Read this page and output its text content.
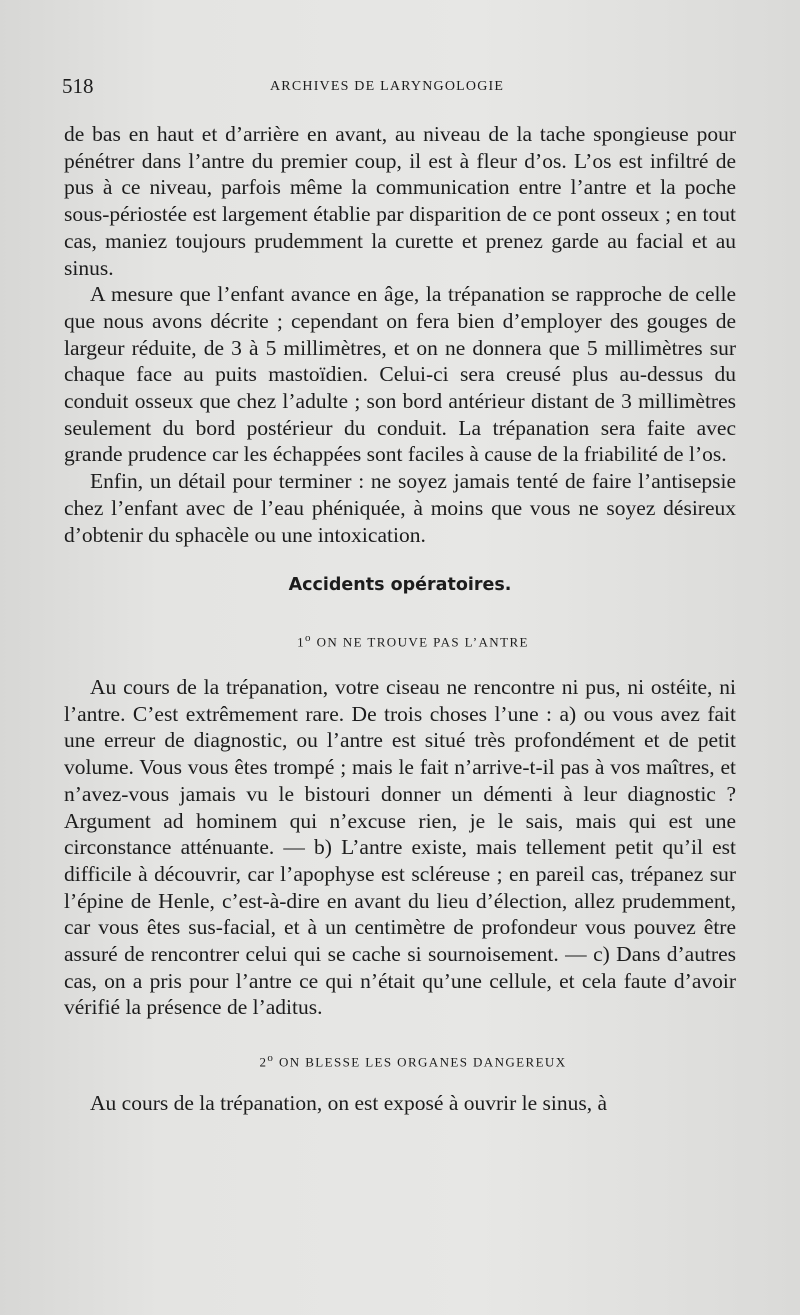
518	ARCHIVES DE LARYNGOLOGIE

de bas en haut et d’arrière en avant, au niveau de la tache spongieuse pour pénétrer dans l’antre du premier coup, il est à fleur d’os. L’os est infiltré de pus à ce niveau, parfois même la communication entre l’antre et la poche sous-périostée est largement établie par disparition de ce pont osseux ; en tout cas, maniez toujours prudemment la curette et prenez garde au facial et au sinus.

A mesure que l’enfant avance en âge, la trépanation se rapproche de celle que nous avons décrite ; cependant on fera bien d’employer des gouges de largeur réduite, de 3 à 5 millimètres, et on ne donnera que 5 millimètres sur chaque face au puits mastoïdien. Celui-ci sera creusé plus au-dessus du conduit osseux que chez l’adulte ; son bord antérieur distant de 3 millimètres seulement du bord postérieur du conduit. La trépanation sera faite avec grande prudence car les échappées sont faciles à cause de la friabilité de l’os.

Enfin, un détail pour terminer : ne soyez jamais tenté de faire l’antisepsie chez l’enfant avec de l’eau phéniquée, à moins que vous ne soyez désireux d’obtenir du sphacèle ou une intoxication.

Accidents opératoires.

1$^o$ ON NE TROUVE PAS L’ANTRE

Au cours de la trépanation, votre ciseau ne rencontre ni pus, ni ostéite, ni l’antre. C’est extrêmement rare. De trois choses l’une : a) ou vous avez fait une erreur de diagnostic, ou l’antre est situé très profondément et de petit volume. Vous vous êtes trompé ; mais le fait n’arrive-t-il pas à vos maîtres, et n’avez-vous jamais vu le bistouri donner un démenti à leur diagnostic ? Argument ad hominem qui n’excuse rien, je le sais, mais qui est une circonstance atténuante. — b) L’antre existe, mais tellement petit qu’il est difficile à découvrir, car l’apophyse est scléreuse ; en pareil cas, trépanez sur l’épine de Henle, c’est-à-dire en avant du lieu d’élection, allez prudemment, car vous êtes sus-facial, et à un centimètre de profondeur vous pouvez être assuré de rencontrer celui qui se cache si sournoisement. — c) Dans d’autres cas, on a pris pour l’antre ce qui n’était qu’une cellule, et cela faute d’avoir vérifié la présence de l’aditus.

2$^o$ ON BLESSE LES ORGANES DANGEREUX

Au cours de la trépanation, on est exposé à ouvrir le sinus, à
